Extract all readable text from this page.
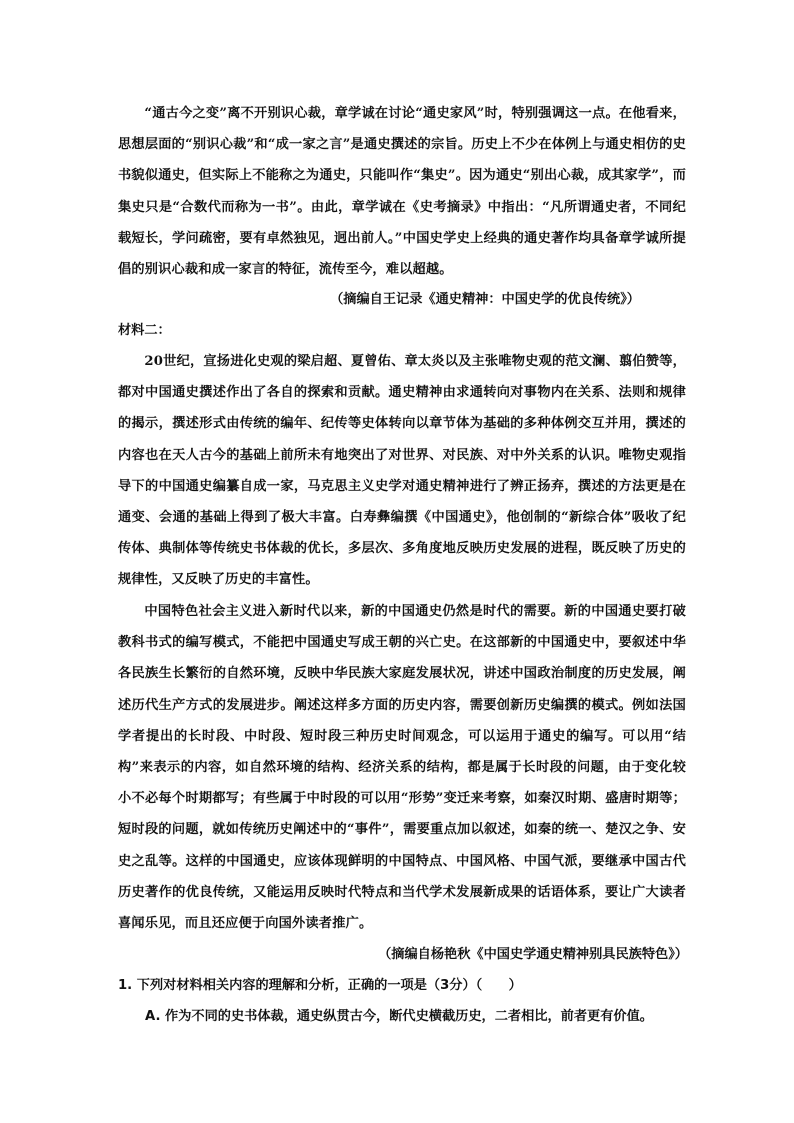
“通古今之变”离不开别识心裁，章学诚在讨论“通史家风”时，特别强调这一点。在他看来，思想层面的“别识心裁”和“成一家之言”是通史撰述的宗旨。历史上不少在体例上与通史相仿的史书貌似通史，但实际上不能称之为通史，只能叫作“集史”。因为通史“别出心裁，成其家学”，而集史只是“合数代而称为一书”。由此，章学诚在《史考摘录》中指出：“凡所谓通史者，不同纪载短长，学问疏密，要有卓然独见，迥出前人。”中国史学史上经典的通史著作均具备章学诚所提倡的别识心裁和成一家言的特征，流传至今，难以超越。

（摘编自王记录《通史精神：中国史学的优良传统》）

材料二：

20世纪，宣扬进化史观的梁启超、夏曾佑、章太炎以及主张唯物史观的范文澜、翦伯赞等，都对中国通史撰述作出了各自的探索和贡献。通史精神由求通转向对事物内在关系、法则和规律的揭示，撰述形式由传统的编年、纪传等史体转向以章节体为基础的多种体例交互并用，撰述的内容也在天人古今的基础上前所未有地突出了对世界、对民族、对中外关系的认识。唯物史观指导下的中国通史编纂自成一家，马克思主义史学对通史精神进行了辨正扬弃，撰述的方法更是在通变、会通的基础上得到了极大丰富。白寿彝编撰《中国通史》，他创制的“新综合体”吸收了纪传体、典制体等传统史书体裁的优长，多层次、多角度地反映历史发展的进程，既反映了历史的规律性，又反映了历史的丰富性。

中国特色社会主义进入新时代以来，新的中国通史仍然是时代的需要。新的中国通史要打破教科书式的编写模式，不能把中国通史写成王朝的兴亡史。在这部新的中国通史中，要叙述中华各民族生长繁衍的自然环境，反映中华民族大家庭发展状况，讲述中国政治制度的历史发展，阐述历代生产方式的发展进步。阐述这样多方面的历史内容，需要创新历史编撰的模式。例如法国学者提出的长时段、中时段、短时段三种历史时间观念，可以运用于通史的编写。可以用“结构”来表示的内容，如自然环境的结构、经济关系的结构，都是属于长时段的问题，由于变化较小不必每个时期都写；有些属于中时段的可以用“形势”变迁来考察，如秦汉时期、盛唐时期等；短时段的问题，就如传统历史阐述中的“事件”，需要重点加以叙述，如秦的统一、楚汉之争、安史之乱等。这样的中国通史，应该体现鲜明的中国特点、中国风格、中国气派，要继承中国古代历史著作的优良传统，又能运用反映时代特点和当代学术发展新成果的话语体系，要让广大读者喜闻乐见，而且还应便于向国外读者推广。

（摘编自杨艳秋《中国史学通史精神别具民族特色》）

1. 下列对材料相关内容的理解和分析，正确的一项是（3分）（　　）

A. 作为不同的史书体裁，通史纵贯古今，断代史横截历史，二者相比，前者更有价值。
